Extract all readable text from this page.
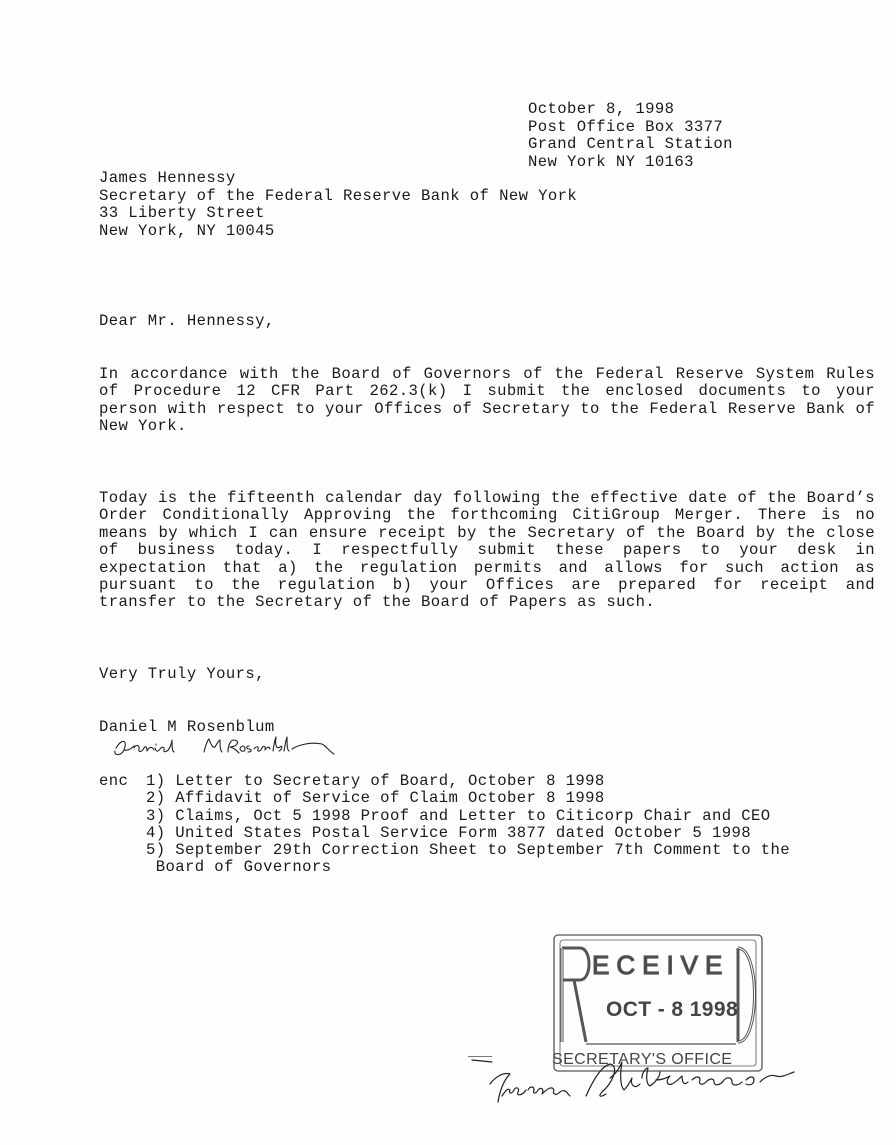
October 8, 1998
Post Office Box 3377
Grand Central Station
New York NY 10163
James Hennessy
Secretary of the Federal Reserve Bank of New York
33 Liberty Street
New York, NY 10045
Dear Mr. Hennessy,
In accordance with the Board of Governors of the Federal Reserve System Rules of Procedure 12 CFR Part 262.3(k) I submit the enclosed documents to your person with respect to your Offices of Secretary to the Federal Reserve Bank of New York.
Today is the fifteenth calendar day following the effective date of the Board’s Order Conditionally Approving the forthcoming CitiGroup Merger. There is no means by which I can ensure receipt by the Secretary of the Board by the close of business today. I respectfully submit these papers to your desk in expectation that a) the regulation permits and allows for such action as pursuant to the regulation b) your Offices are prepared for receipt and transfer to the Secretary of the Board of Papers as such.
Very Truly Yours,
Daniel M Rosenblum
enc	1) Letter to Secretary of Board, October 8 1998
2) Affidavit of Service of Claim October 8 1998
3) Claims, Oct 5 1998 Proof and Letter to Citicorp Chair and CEO
4) United States Postal Service Form 3877 dated October 5 1998
5) September 29th Correction Sheet to September 7th Comment to the
Board of Governors
ECEIVE
OCT - 8 1998
SECRETARY'S OFFICE
